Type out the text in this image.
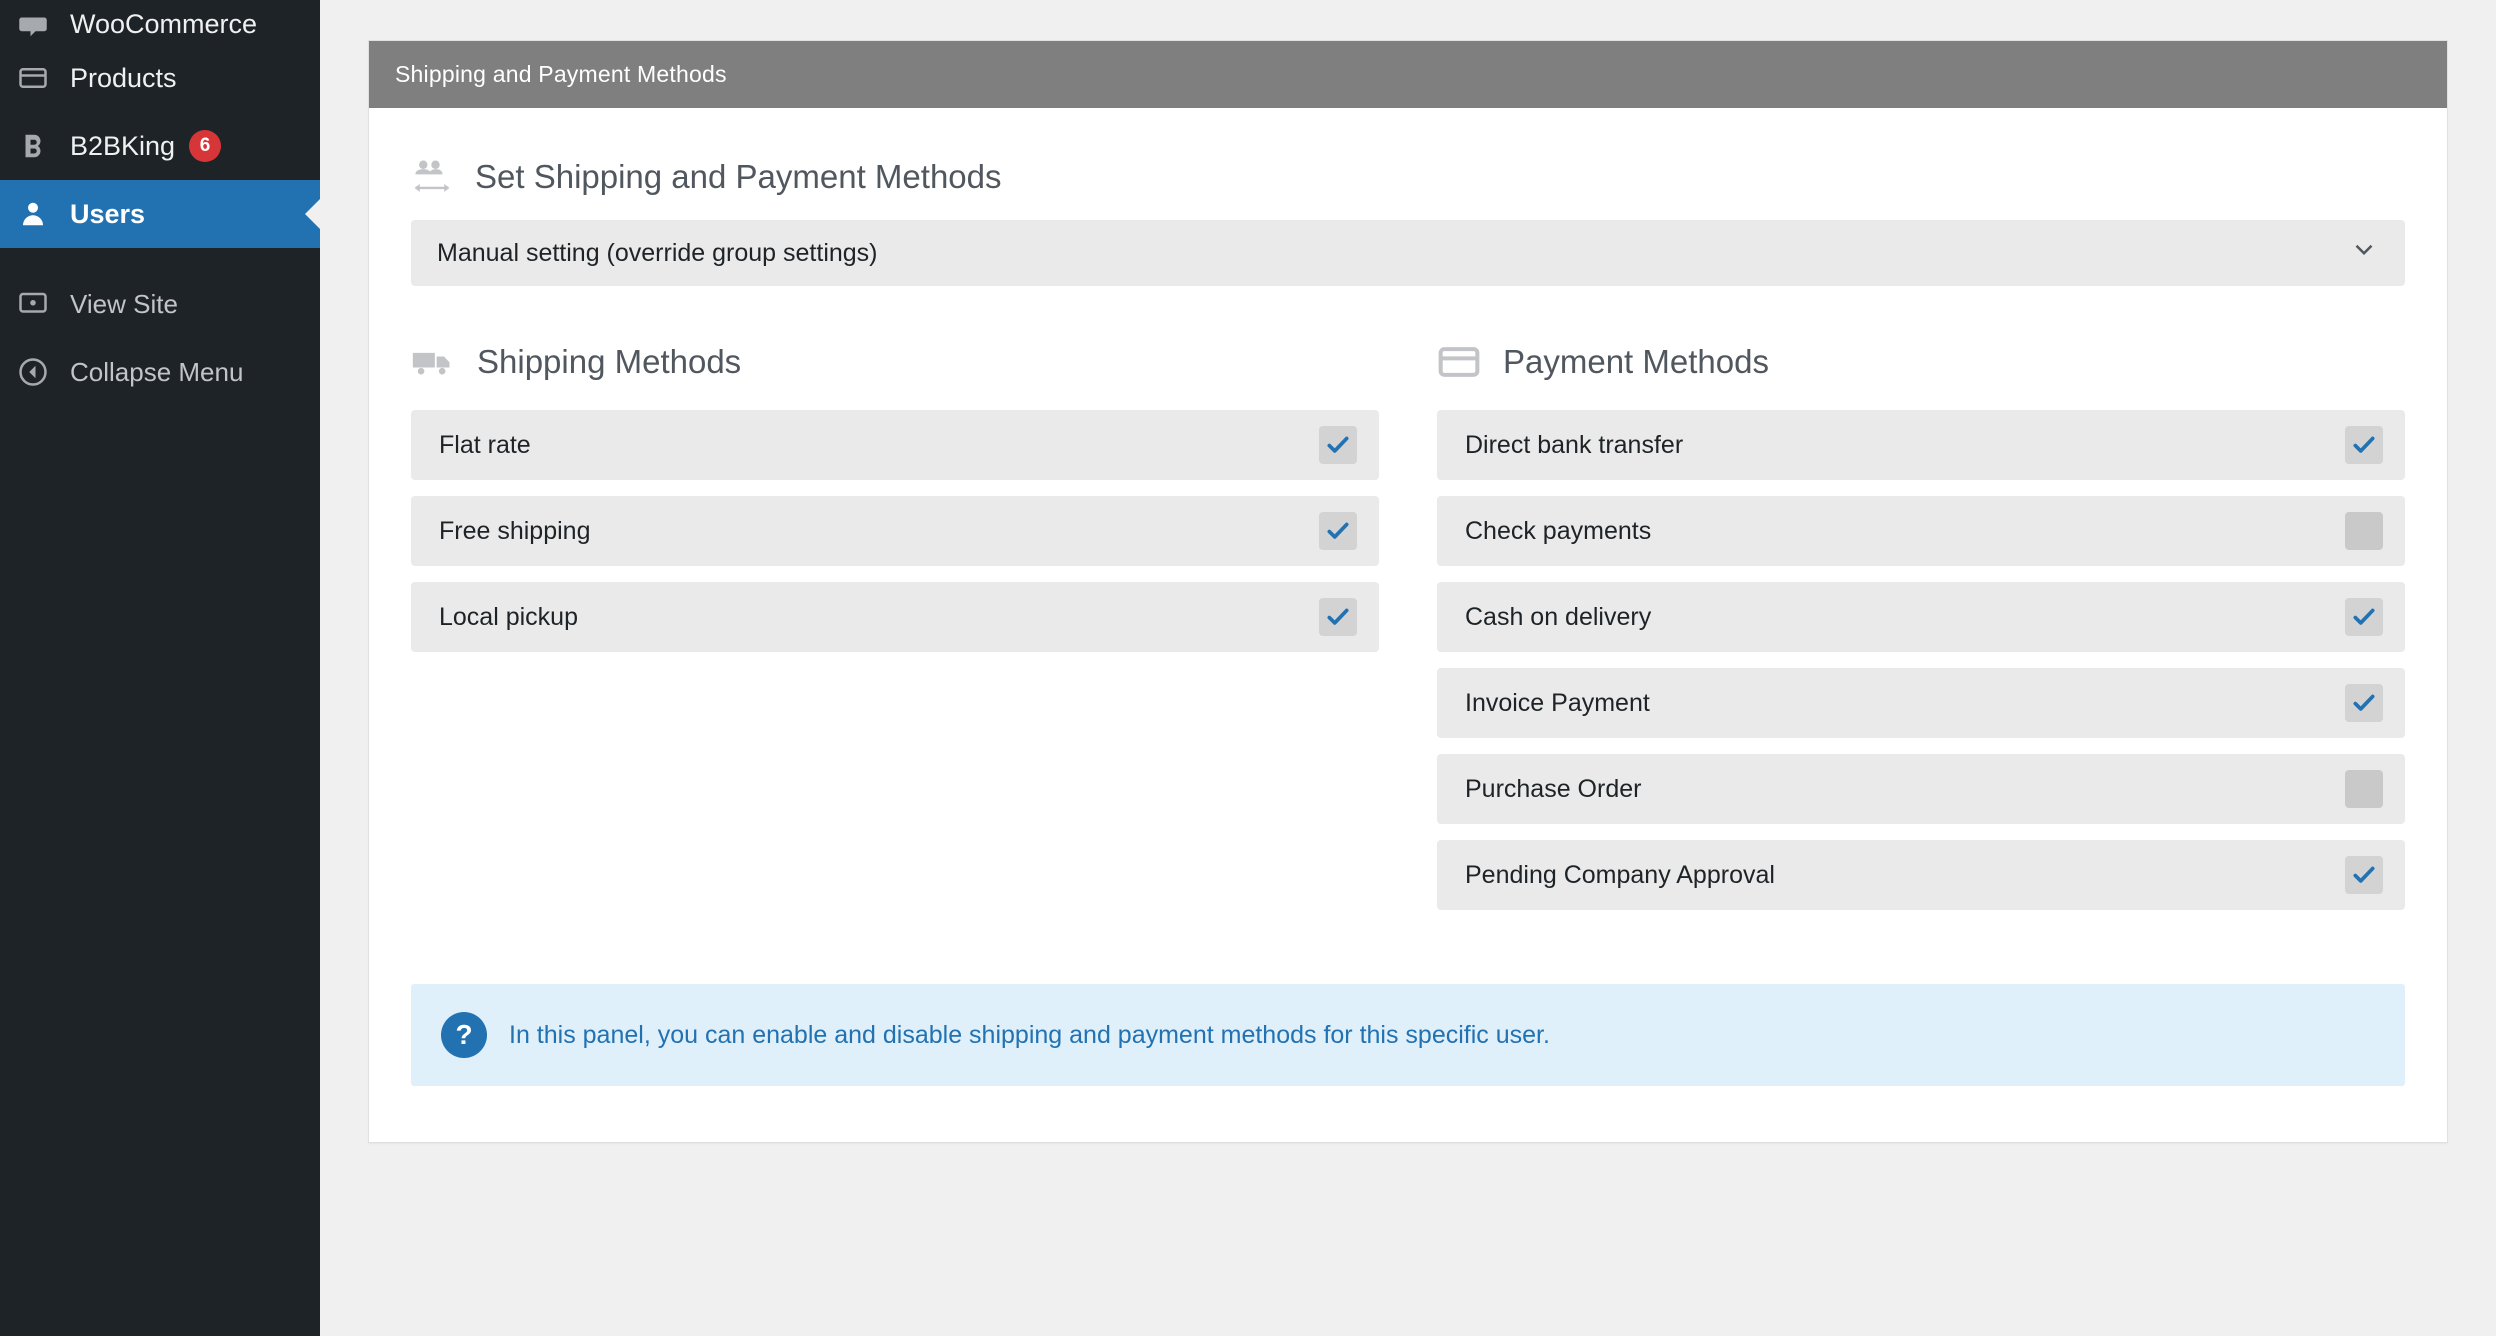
WooCommerce
Products
B2BKing	6
Users
View Site
Collapse Menu
Shipping and Payment Methods
Set Shipping and Payment Methods
Manual setting (override group settings)
Shipping Methods
Flat rate
Free shipping
Local pickup
Payment Methods
Direct bank transfer
Check payments
Cash on delivery
Invoice Payment
Purchase Order
Pending Company Approval
?	In this panel, you can enable and disable shipping and payment methods for this specific user.
